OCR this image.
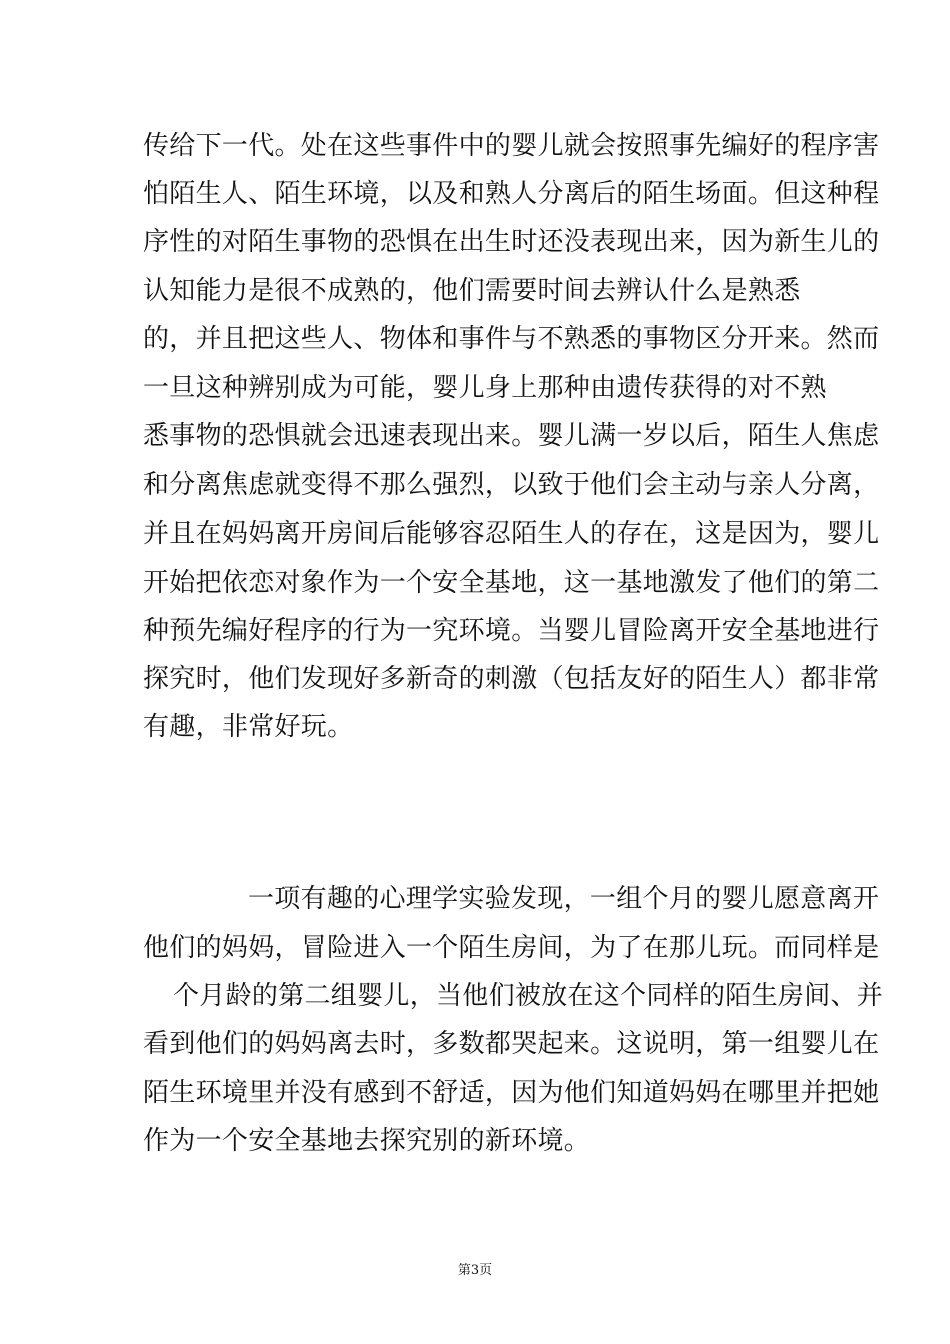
传给下一代。处在这些事件中的婴儿就会按照事先编好的程序害
怕陌生人、陌生环境，以及和熟人分离后的陌生场面。但这种程
序性的对陌生事物的恐惧在出生时还没表现出来，因为新生儿的
认知能力是很不成熟的，他们需要时间去辨认什么是熟悉
的，并且把这些人、物体和事件与不熟悉的事物区分开来。然而
一旦这种辨别成为可能，婴儿身上那种由遗传获得的对不熟
悉事物的恐惧就会迅速表现出来。婴儿满一岁以后，陌生人焦虑
和分离焦虑就变得不那么强烈，以致于他们会主动与亲人分离，
并且在妈妈离开房间后能够容忍陌生人的存在，这是因为，婴儿
开始把依恋对象作为一个安全基地，这一基地激发了他们的第二
种预先编好程序的行为一究环境。当婴儿冒险离开安全基地进行
探究时，他们发现好多新奇的刺激（包括友好的陌生人）都非常
有趣，非常好玩。
一项有趣的心理学实验发现，一组个月的婴儿愿意离开
他们的妈妈，冒险进入一个陌生房间，为了在那儿玩。而同样是
个月龄的第二组婴儿，当他们被放在这个同样的陌生房间、并
看到他们的妈妈离去时，多数都哭起来。这说明，第一组婴儿在
陌生环境里并没有感到不舒适，因为他们知道妈妈在哪里并把她
作为一个安全基地去探究别的新环境。
第3页
